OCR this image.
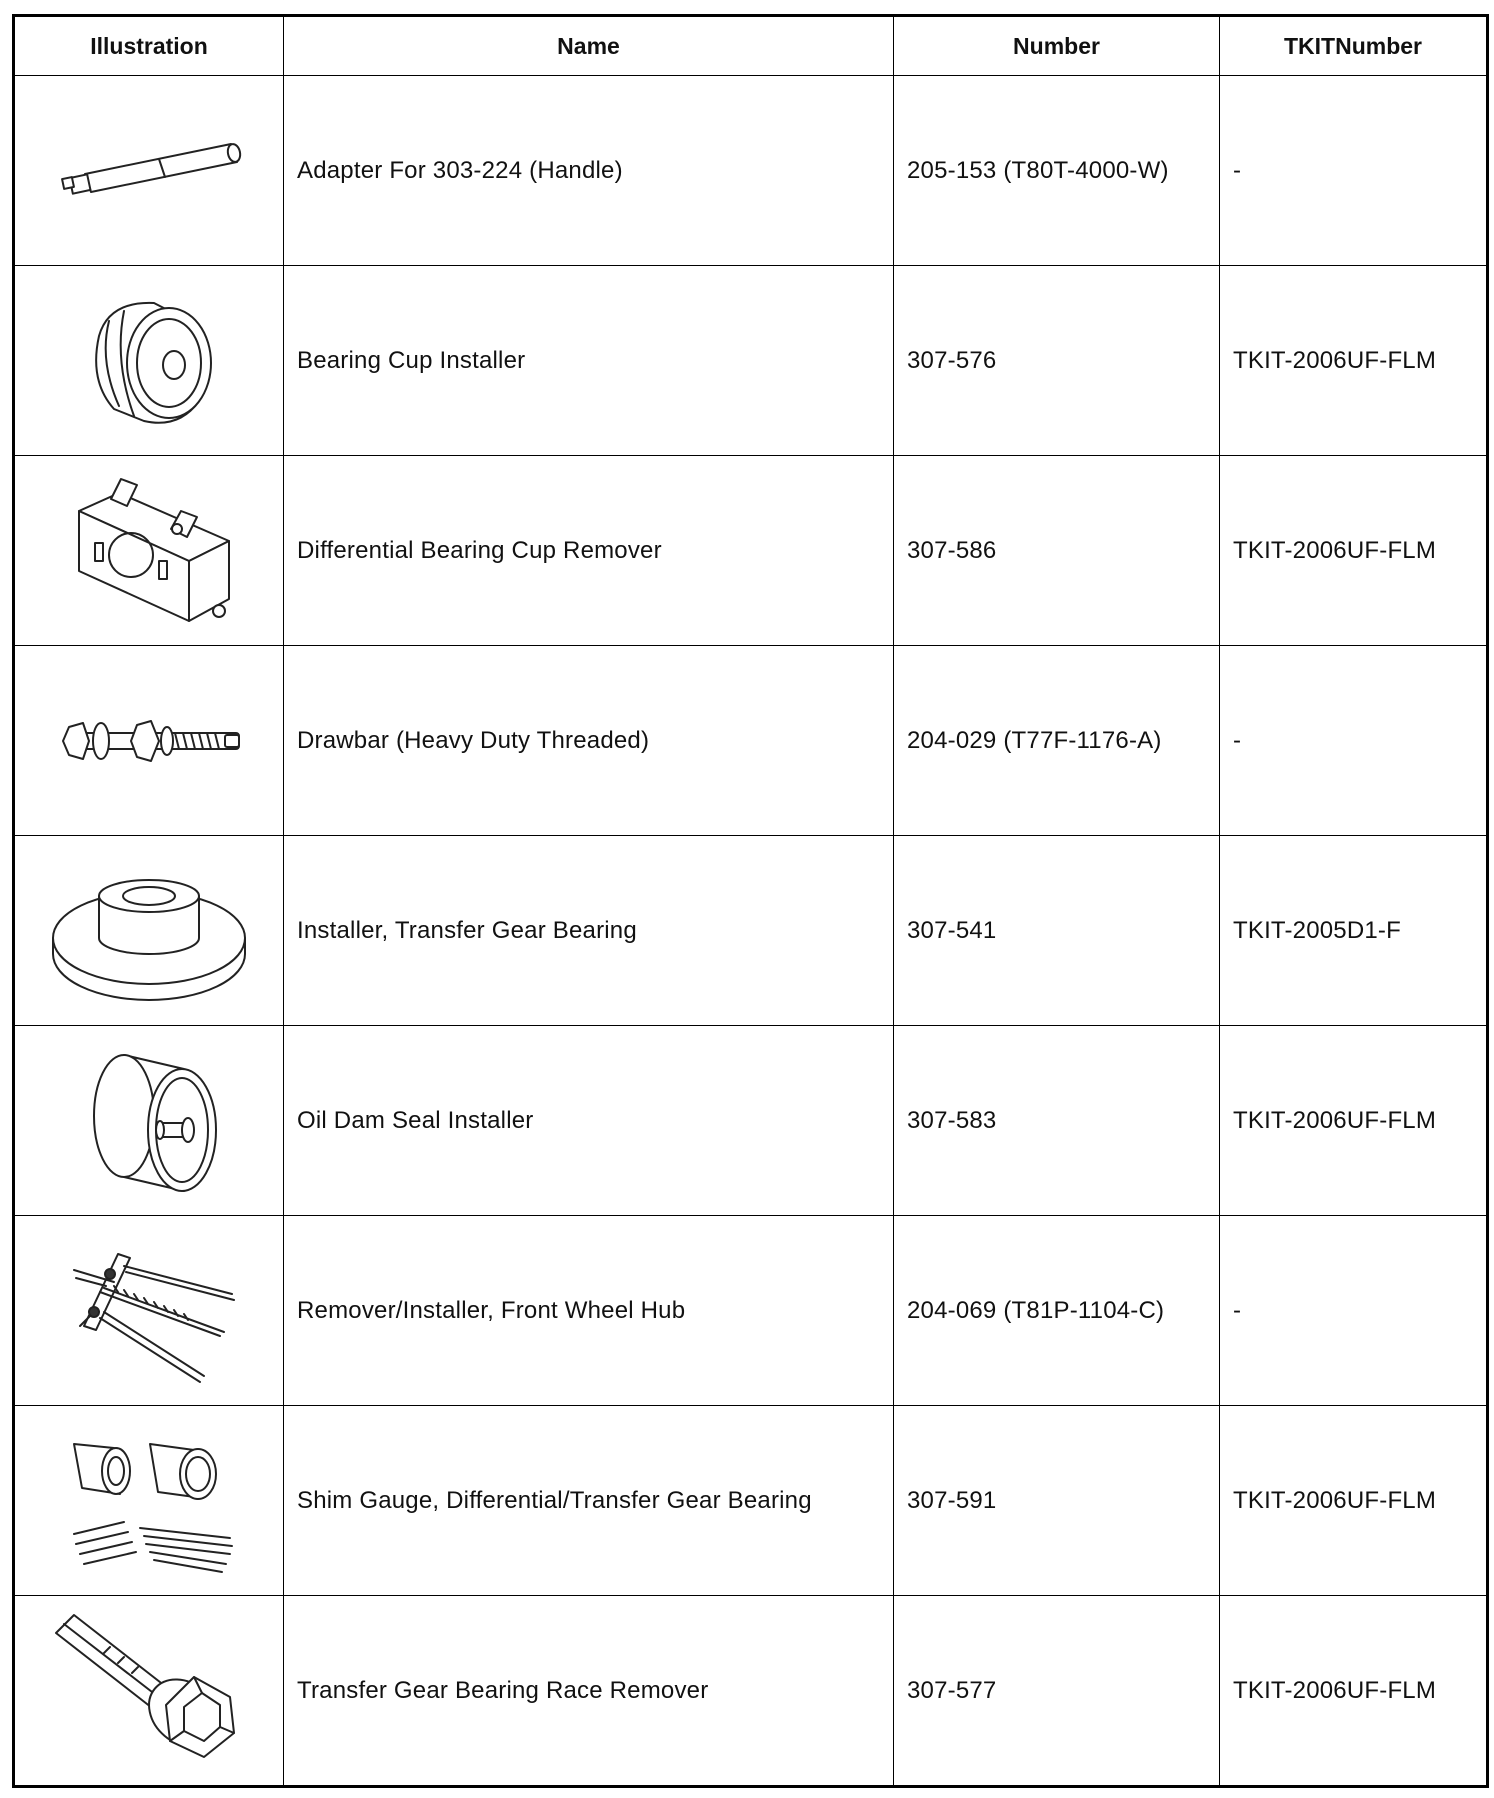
Illustration	Name	Number	TKITNumber

	Adapter For 303-224 (Handle)	205-153 (T80T-4000-W)	-

	Bearing Cup Installer	307-576	TKIT-2006UF-FLM

	Differential Bearing Cup Remover	307-586	TKIT-2006UF-FLM

	Drawbar (Heavy Duty Threaded)	204-029 (T77F-1176-A)	-

	Installer, Transfer Gear Bearing	307-541	TKIT-2005D1-F

	Oil Dam Seal Installer	307-583	TKIT-2006UF-FLM

	Remover/Installer, Front Wheel Hub	204-069 (T81P-1104-C)	-

	Shim Gauge, Differential/Transfer Gear Bearing	307-591	TKIT-2006UF-FLM

	Transfer Gear Bearing Race Remover	307-577	TKIT-2006UF-FLM
